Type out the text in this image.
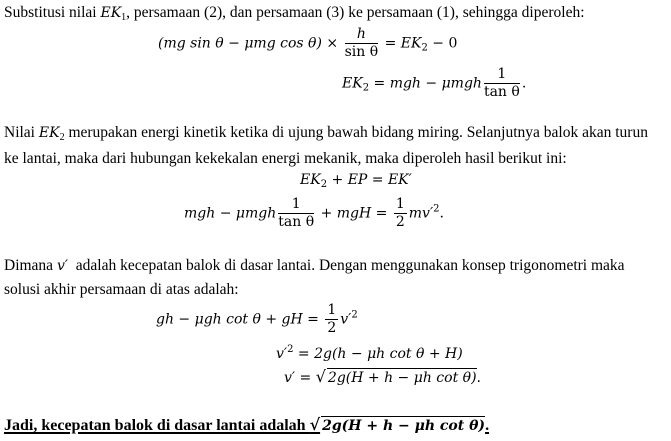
Substitusi nilai $EK_1$, persamaan (2), dan persamaan (3) ke persamaan (1), sehingga diperoleh:
(mg sin θ − μmg $\cos \theta) \times \frac{h}{\text{sin θ}} = EK_2 - 0$
$EK_2$ = mgh − μmgh $\frac{1}{\text{tan θ}}$ .
Nilai $EK_2$ merupakan energi kinetik ketika di ujung bawah bidang miring. Selanjutnya balok akan turun
ke lantai, maka dari hubungan kekekalan energi mekanik, maka diperoleh hasil berikut ini:
$EK_2$ + EP = EK′
mgh − μmgh $\frac{1}{\text{tan θ}}$ + mgH = $\frac{1}{2} mv'^2$.
Dimana v′  adalah kecepatan balok di dasar lantai. Dengan menggunakan konsep trigonometri maka
solusi akhir persamaan di atas adalah:
gh − μgh cot θ + gH = $\frac{1}{2} v'^2$
$v'^2 = 2g(h - \mu h$ cot θ + H)
v′ = √ 2g(H + h − μh cot θ).
Jadi, kecepatan balok di dasar lantai adalah √ 2g(H + h − μh cot θ).
